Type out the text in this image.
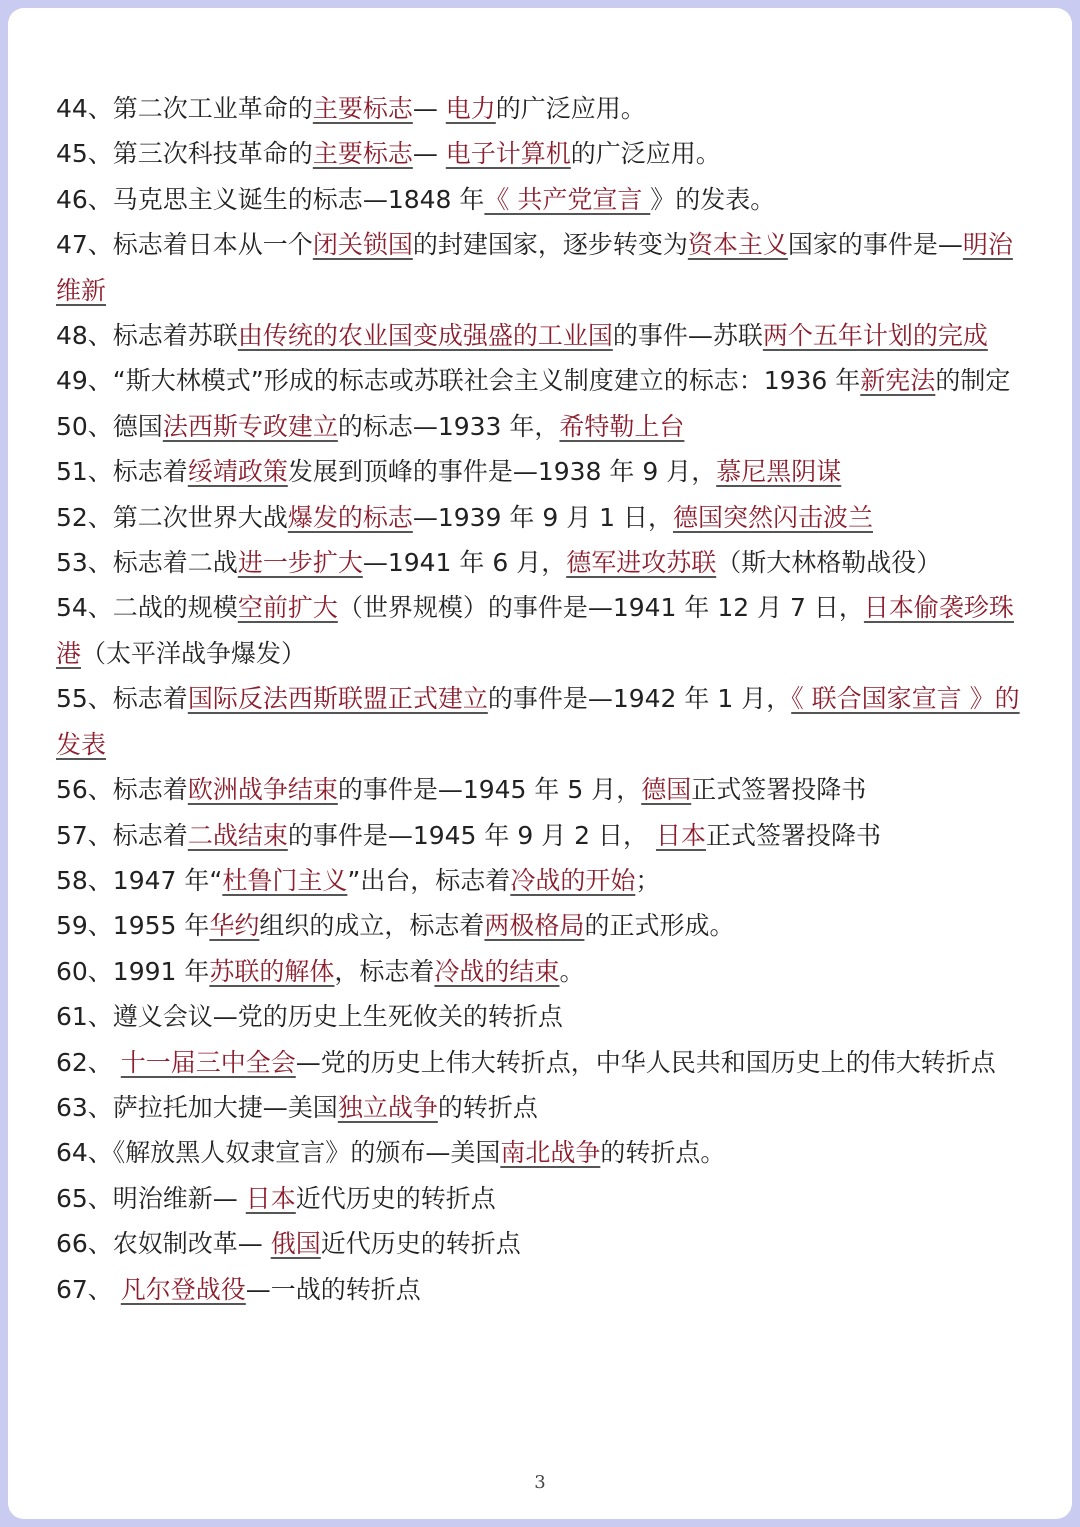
44、第二次工业革命的主要标志— 电力的广泛应用。

45、第三次科技革命的主要标志— 电子计算机的广泛应用。

46、马克思主义诞生的标志—1848 年《 共产党宣言 》的发表。

47、标志着日本从一个闭关锁国的封建国家，逐步转变为资本主义国家的事件是—明治维新

48、标志着苏联由传统的农业国变成强盛的工业国的事件—苏联两个五年计划的完成

49、“斯大林模式”形成的标志或苏联社会主义制度建立的标志：1936 年新宪法的制定

50、德国法西斯专政建立的标志—1933 年，希特勒上台

51、标志着绥靖政策发展到顶峰的事件是—1938 年 9 月，慕尼黑阴谋

52、第二次世界大战爆发的标志—1939 年 9 月 1 日，德国突然闪击波兰

53、标志着二战进一步扩大—1941 年 6 月，德军进攻苏联（斯大林格勒战役）

54、二战的规模空前扩大（世界规模）的事件是—1941 年 12 月 7 日，日本偷袭珍珠港（太平洋战争爆发）

55、标志着国际反法西斯联盟正式建立的事件是—1942 年 1 月，《 联合国家宣言 》的发表

56、标志着欧洲战争结束的事件是—1945 年 5 月，德国正式签署投降书

57、标志着二战结束的事件是—1945 年 9 月 2 日， 日本正式签署投降书

58、1947 年“杜鲁门主义”出台，标志着冷战的开始；

59、1955 年华约组织的成立，标志着两极格局的正式形成。

60、1991 年苏联的解体，标志着冷战的结束。

61、遵义会议—党的历史上生死攸关的转折点

62、 十一届三中全会—党的历史上伟大转折点，中华人民共和国历史上的伟大转折点

63、萨拉托加大捷—美国独立战争的转折点

64、《解放黑人奴隶宣言》的颁布—美国南北战争的转折点。

65、明治维新— 日本近代历史的转折点

66、农奴制改革— 俄国近代历史的转折点

67、 凡尔登战役—一战的转折点

3
